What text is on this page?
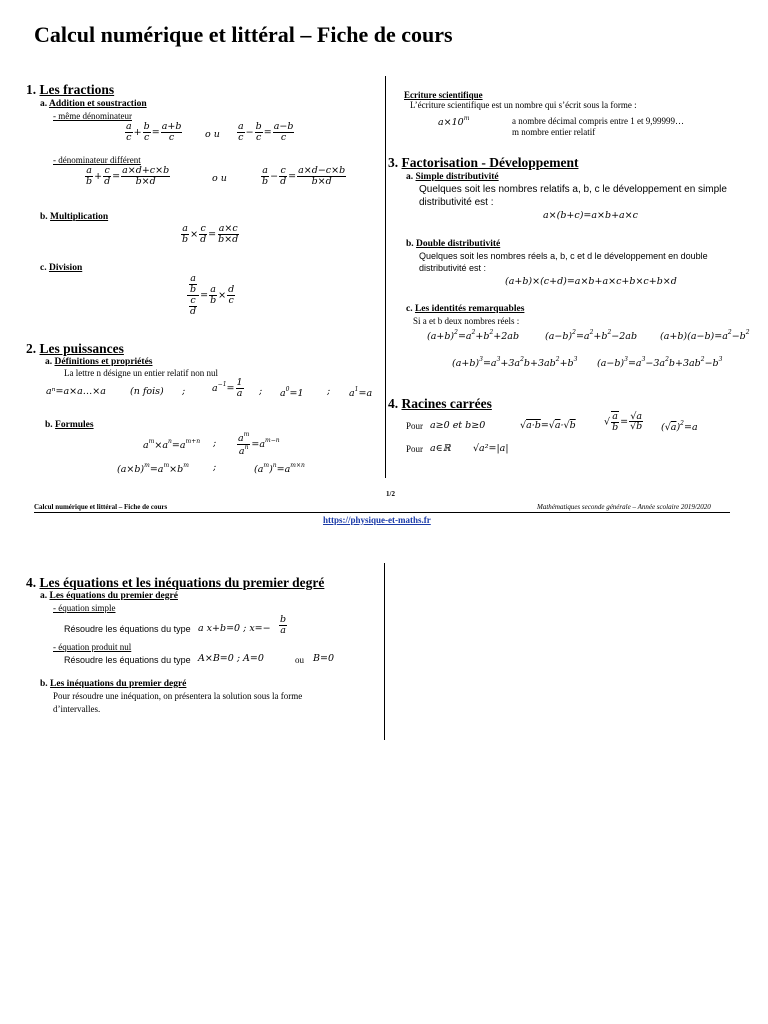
Calcul numérique et littéral – Fiche de cours
1. Les fractions
a. Addition et soustraction
- même dénominateur
$\frac{a}{c} + \frac{b}{c} = \frac{a+b}{c}$ o u $\frac{a}{c} - \frac{b}{c} = \frac{a-b}{c}$
- dénominateur différent
$\frac{a}{b} + \frac{c}{d} = \frac{a\times d+c\times b}{b\times d}$	o u	$\frac{a}{b} - \frac{c}{d} = \frac{a\times d-c\times b}{b\times d}$
b. Multiplication
$\frac{a}{b} \times \frac{c}{d} = \frac{a\times c}{b\times d}$
c. Division
$\frac{\frac{a}{b}}{\frac{c}{d}} = \frac{a}{b} \times \frac{d}{c}$
2. Les puissances
a. Définitions et propriétés
La lettre n désigne un entier relatif non nul
aⁿ=a×a…×a	(n fois) ;	$a^{-1}= \frac{1}{a}$ ; $a^0=1$ ; $a^1=a$
b. Formules
$a^m\times a^n=a^{m+n}$ ; $\frac{a^m}{a^n} =a^{m-n}$
$(a\times b)^m=a^m\times b^m$	;	$(a^m)^n=a^{m\times n}$
Ecriture scientifique
L’écriture scientifique est un nombre qui s’écrit sous la forme :
$a\times 10^m$	a nombre décimal compris entre 1 et 9,99999…
m nombre entier relatif
3. Factorisation - Développement
a. Simple distributivité
Quelques soit les nombres relatifs a, b, c le développement en simple
distributivité est :
a×(b+c)=a×b+a×c
b. Double distributivité
Quelques soit les nombres réels a, b, c et d le développement en double
distributivité est :
(a+b)×(c+d)=a×b+a×c+b×c+b×d
c. Les identités remarquables
Si a et b deux nombres réels :
$(a+b)^2=a^2+b^2+2ab$	$(a-b)^2=a^2+b^2-2ab$ $(a+b)(a-b)=a^2-b^2$
$(a+b)^3=a^3+3a^2b+3ab^2+b^3$ $(a-b)^3=a^3-3a^2b+3ab^2-b^3$
4. Racines carrées
Pour a≥0 et b≥0	√a·b=√a·√b	√ $\frac{a}{b} = \frac{√a}{√b} (√a)^2=a$
Pour a∈ℝ √a²=|a|
1/2
Calcul numérique et littéral – Fiche de cours	Mathématiques seconde générale – Année scolaire 2019/2020
https://physique-et-maths.fr
4. Les équations et les inéquations du premier degré
a. Les équations du premier degré
- équation simple
Résoudre les équations du type a x+b=0 ; $x=- \frac{b}{a}$
- équation produit nul
Résoudre les équations du type A×B=0 ; A=0	ou B=0
b. Les inéquations du premier degré
Pour résoudre une inéquation, on présentera la solution sous la forme
d’intervalles.
